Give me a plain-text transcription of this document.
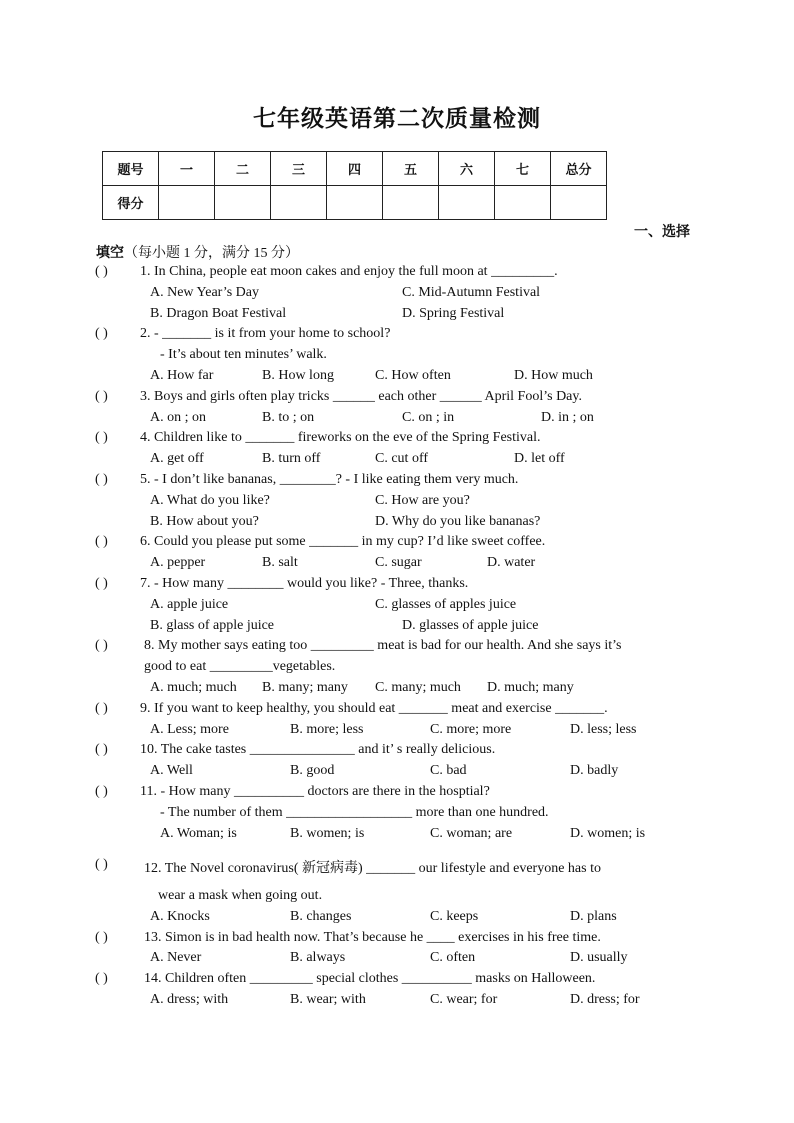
七年级英语第二次质量检测
题号	一	二	三	四	五	六	七	总分
得分								
一、选择
填空（每小题 1 分，满分 15 分）
( ) 1. In China, people eat moon cakes and enjoy the full moon at _________.
A. New Year’s Day	C. Mid-Autumn Festival
B. Dragon Boat Festival	D. Spring Festival
( ) 2. - _______ is it from your home to school?
- It’s about ten minutes’ walk.
A. How far	B. How long	C. How often	D. How much
( ) 3. Boys and girls often play tricks ______ each other ______ April Fool’s Day.
A. on ; on	B. to ; on	C. on ; in	D. in ; on
( ) 4. Children like to _______ fireworks on the eve of the Spring Festival.
A. get off	B. turn off	C. cut off	D. let off
( ) 5. - I don’t like bananas, ________? - I like eating them very much.
A. What do you like?	C. How are you?
B. How about you?	D. Why do you like bananas?
( ) 6. Could you please put some _______ in my cup? I’d like sweet coffee.
A. pepper	B. salt	C. sugar	D. water
( ) 7. - How many ________ would you like? - Three, thanks.
A. apple juice	C. glasses of apples juice
B. glass of apple juice	D. glasses of apple juice
( )	8. My mother says eating too _________ meat is bad for our health. And she says it’s
good to eat _________vegetables.
A. much; much B. many; many C. many; much D. much; many
( ) 9. If you want to keep healthy, you should eat _______ meat and exercise _______.
A. Less; more	B. more; less	C. more; more	D. less; less
( ) 10. The cake tastes _______________ and it’ s really delicious.
A. Well	B. good	C. bad	D. badly
( ) 11. - How many __________ doctors are there in the hosptial?
- The number of them __________________ more than one hundred.
A. Woman; is	B. women; is	C. woman; are	D. women; is
( )	12. The Novel coronavirus( 新冠病毒) _______ our lifestyle and everyone has to
wear a mask when going out.
A. Knocks	B. changes	C. keeps	D. plans
( )	13. Simon is in bad health now. That’s because he ____ exercises in his free time.
A. Never	B. always	C. often	D. usually
( )	14. Children often _________ special clothes __________ masks on Halloween.
A. dress; with	B. wear; with	C. wear; for	D. dress; for
